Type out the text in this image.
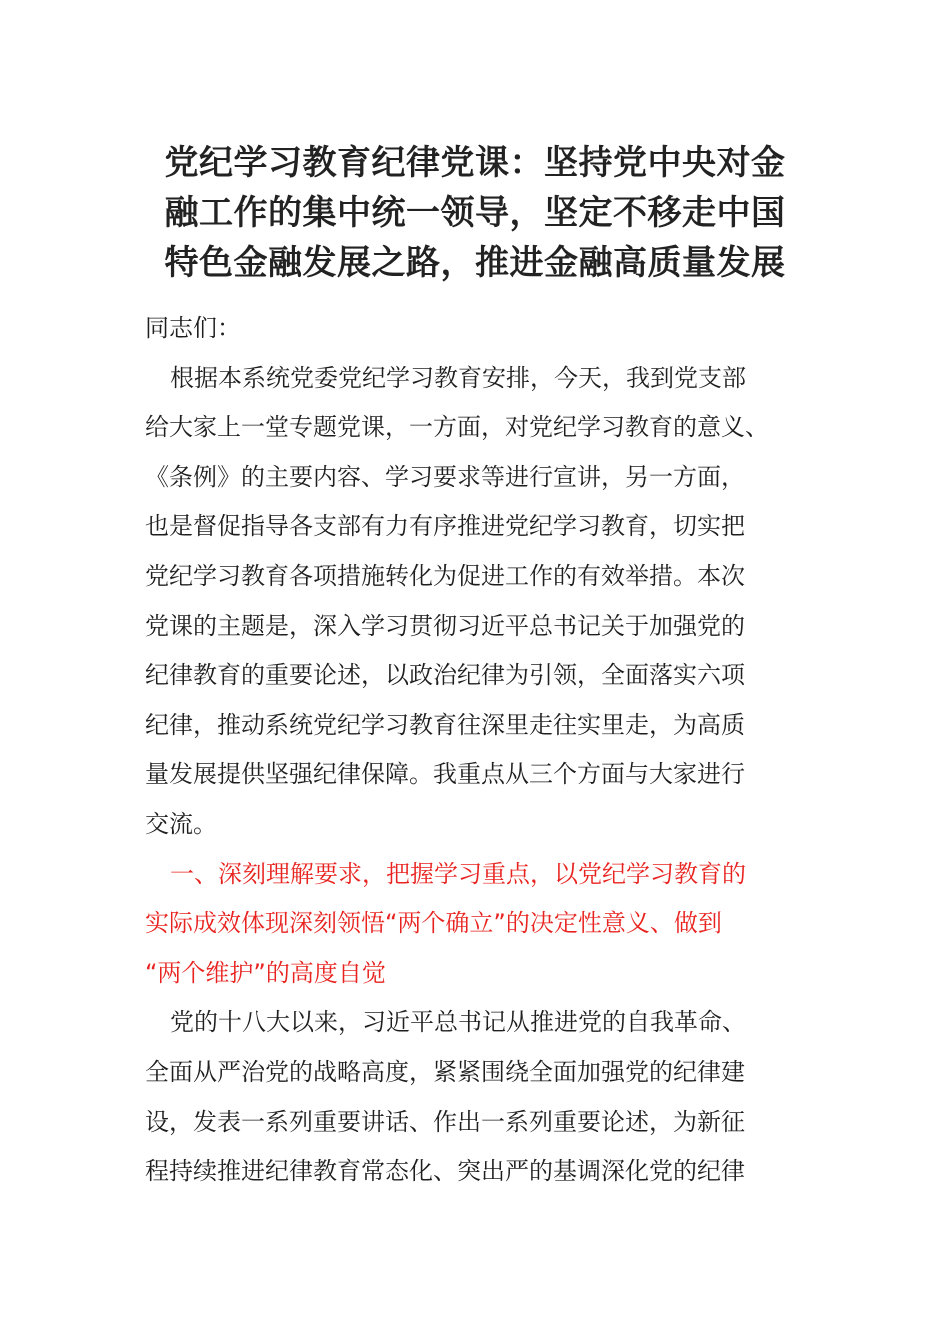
党纪学习教育纪律党课：坚持党中央对金
融工作的集中统一领导，坚定不移走中国
特色金融发展之路，推进金融高质量发展
同志们：
根据本系统党委党纪学习教育安排，今天，我到党支部
给大家上一堂专题党课，一方面，对党纪学习教育的意义、
《条例》的主要内容、学习要求等进行宣讲，另一方面，
也是督促指导各支部有力有序推进党纪学习教育，切实把
党纪学习教育各项措施转化为促进工作的有效举措。本次
党课的主题是，深入学习贯彻习近平总书记关于加强党的
纪律教育的重要论述，以政治纪律为引领，全面落实六项
纪律，推动系统党纪学习教育往深里走往实里走，为高质
量发展提供坚强纪律保障。我重点从三个方面与大家进行
交流。
一、深刻理解要求，把握学习重点，以党纪学习教育的
实际成效体现深刻领悟“两个确立”的决定性意义、做到
“两个维护”的高度自觉
党的十八大以来，习近平总书记从推进党的自我革命、
全面从严治党的战略高度，紧紧围绕全面加强党的纪律建
设，发表一系列重要讲话、作出一系列重要论述，为新征
程持续推进纪律教育常态化、突出严的基调深化党的纪律
